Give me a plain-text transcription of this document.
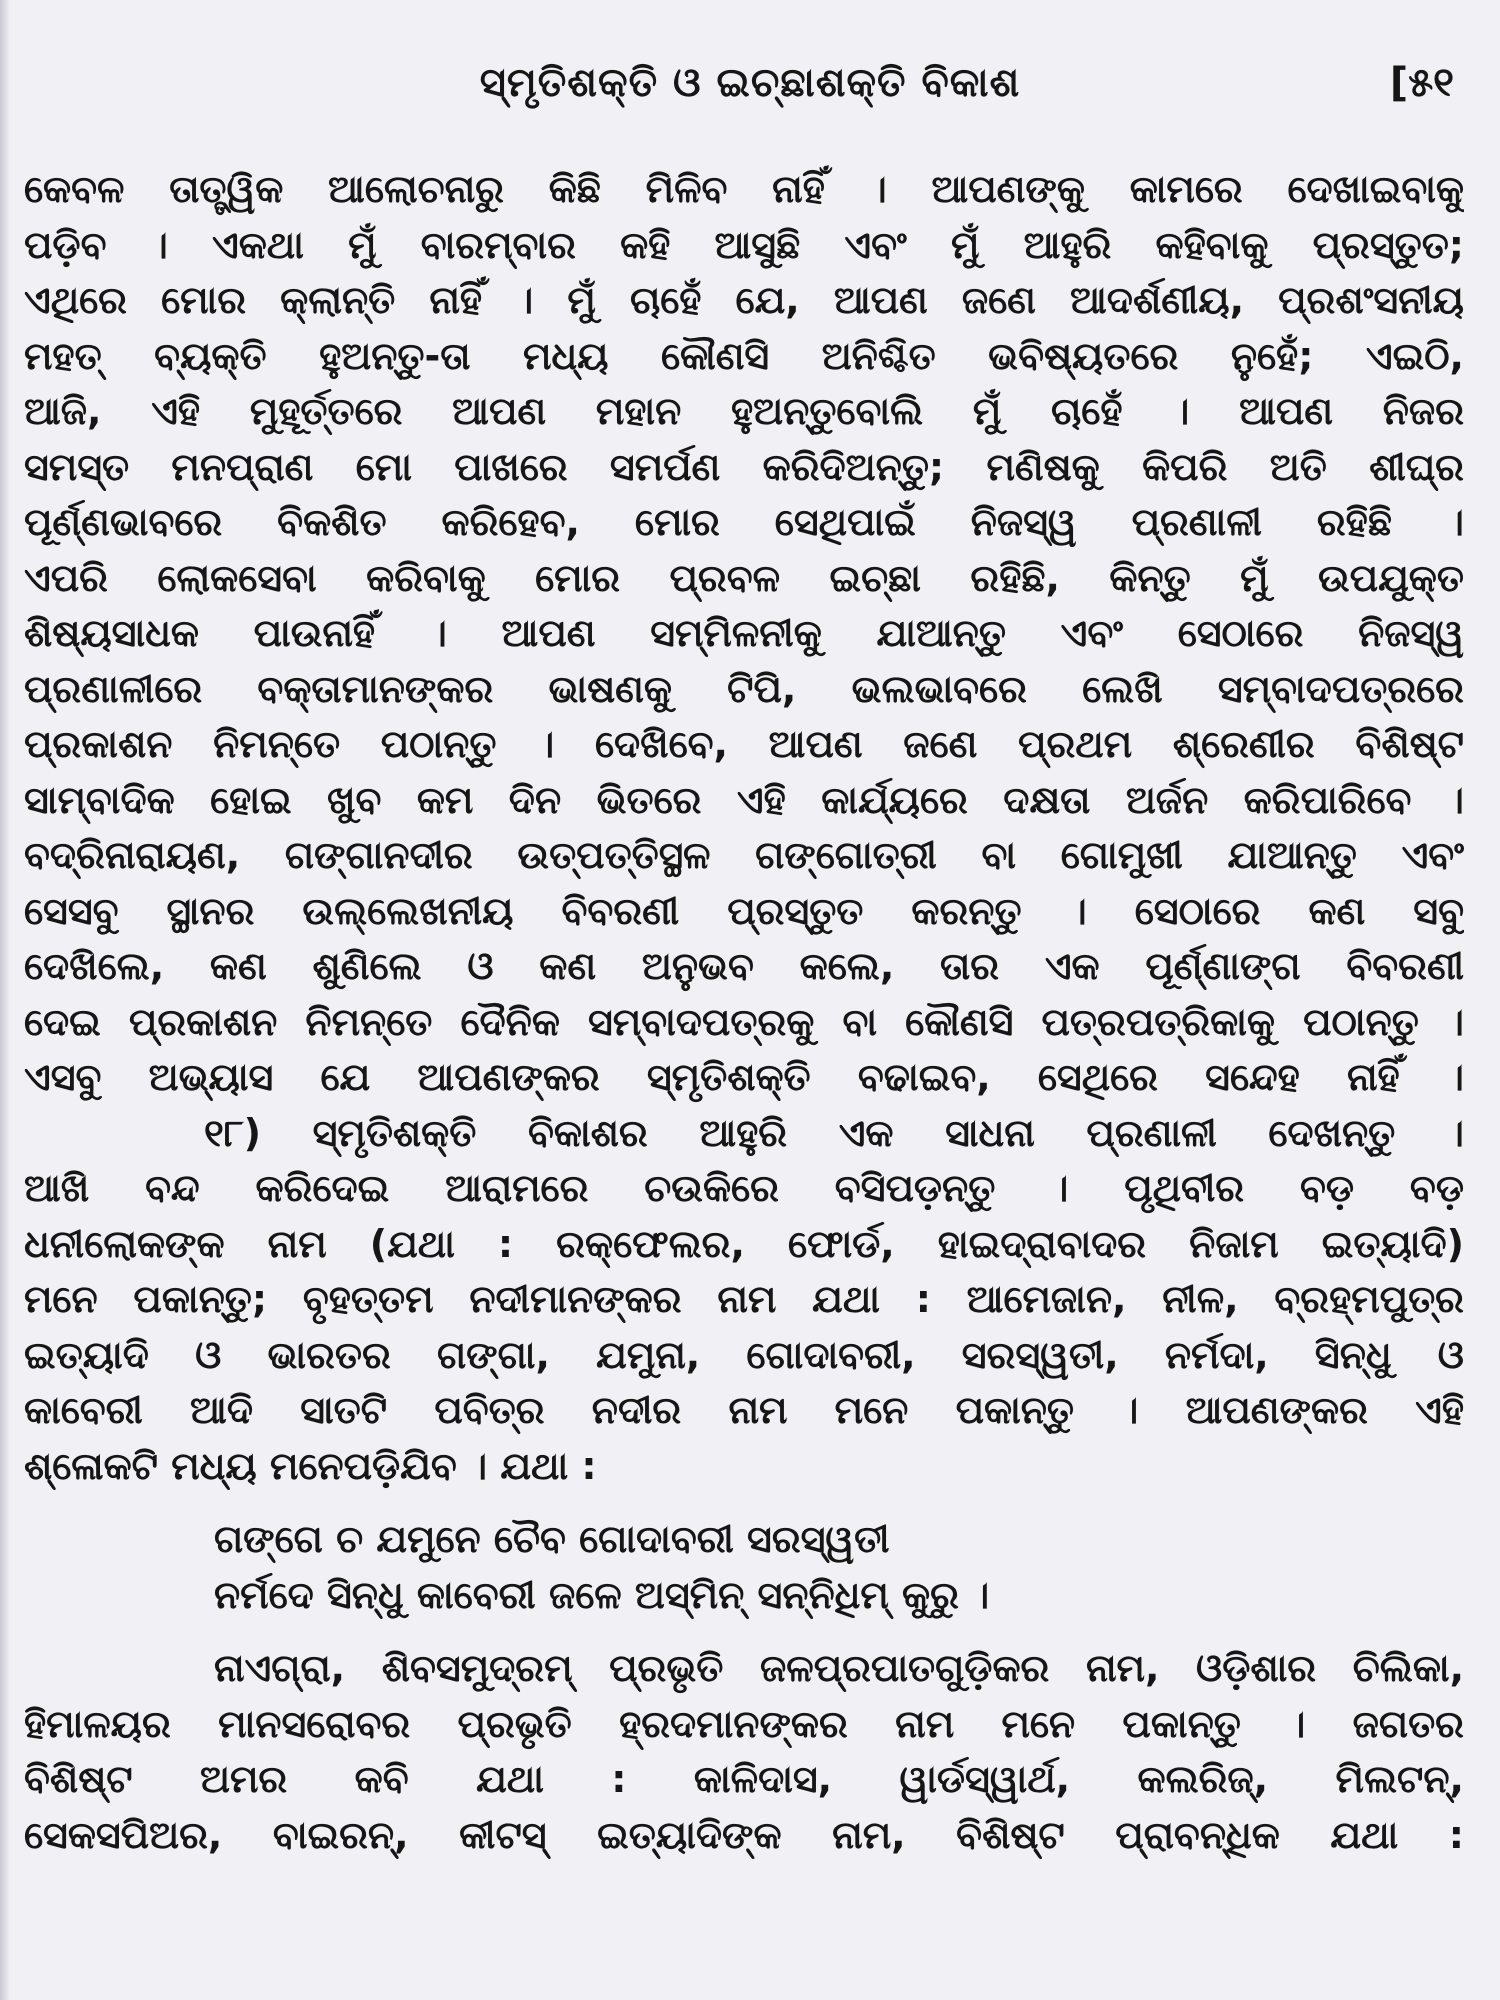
ସ୍ମୃତିଶକ୍ତି ଓ ଇଚ୍ଛାଶକ୍ତି ବିକାଶ	[୫୧
କେବଳ ତାତ୍ତ୍ୱିକ ଆଲୋଚନାରୁ କିଛି ମିଳିବ ନାହିଁ । ଆପଣଙ୍କୁ କାମରେ ଦେଖାଇବାକୁ
ପଡ଼ିବ । ଏକଥା ମୁଁ ବାରମ୍ବାର କହି ଆସୁଛି ଏବଂ ମୁଁ ଆହୁରି କହିବାକୁ ପ୍ରସ୍ତୁତ;
ଏଥିରେ ମୋର କ୍ଲାନ୍ତି ନାହିଁ । ମୁଁ ଚାହେଁ ଯେ, ଆପଣ ଜଣେ ଆଦର୍ଶଣୀୟ, ପ୍ରଶଂସନୀୟ
ମହତ୍ ବ୍ୟକ୍ତି ହୁଅନ୍ତୁ-ତା ମଧ୍ୟ କୌଣସି ଅନିଶ୍ଚିତ ଭବିଷ୍ୟତରେ ନୁହେଁ; ଏଇଠି,
ଆଜି, ଏହି ମୁହୂର୍ତ୍ତରେ ଆପଣ ମହାନ ହୁଅନ୍ତୁବୋଲି ମୁଁ ଚାହେଁ । ଆପଣ ନିଜର
ସମସ୍ତ ମନପ୍ରାଣ ମୋ ପାଖରେ ସମର୍ପଣ କରିଦିଅନ୍ତୁ; ମଣିଷକୁ କିପରି ଅତି ଶୀଘ୍ର
ପୂର୍ଣ୍ଣଭାବରେ ବିକଶିତ କରିହେବ, ମୋର ସେଥିପାଇଁ ନିଜସ୍ୱ ପ୍ରଣାଳୀ ରହିଛି ।
ଏପରି ଲୋକସେବା କରିବାକୁ ମୋର ପ୍ରବଳ ଇଚ୍ଛା ରହିଛି, କିନ୍ତୁ ମୁଁ ଉପଯୁକ୍ତ
ଶିଷ୍ୟସାଧକ ପାଉନାହିଁ । ଆପଣ ସମ୍ମିଳନୀକୁ ଯାଆନ୍ତୁ ଏବଂ ସେଠାରେ ନିଜସ୍ୱ
ପ୍ରଣାଳୀରେ ବକ୍ତାମାନଙ୍କର ଭାଷଣକୁ ଟିପି, ଭଲଭାବରେ ଲେଖି ସମ୍ବାଦପତ୍ରରେ
ପ୍ରକାଶନ ନିମନ୍ତେ ପଠାନ୍ତୁ । ଦେଖିବେ, ଆପଣ ଜଣେ ପ୍ରଥମ ଶ୍ରେଣୀର ବିଶିଷ୍ଟ
ସାମ୍ବାଦିକ ହୋଇ ଖୁବ କମ ଦିନ ଭିତରେ ଏହି କାର୍ଯ୍ୟରେ ଦକ୍ଷତା ଅର୍ଜନ କରିପାରିବେ ।
ବଦ୍ରିନାରାୟଣ, ଗଙ୍ଗାନଦୀର ଉତ୍ପତ୍ତିସ୍ଥଳ ଗଙ୍ଗୋତ୍ରୀ ବା ଗୋମୁଖୀ ଯାଆନ୍ତୁ ଏବଂ
ସେସବୁ ସ୍ଥାନର ଉଲ୍ଲେଖନୀୟ ବିବରଣୀ ପ୍ରସ୍ତୁତ କରନ୍ତୁ । ସେଠାରେ କଣ ସବୁ
ଦେଖିଲେ, କଣ ଶୁଣିଲେ ଓ କଣ ଅନୁଭବ କଲେ, ତାର ଏକ ପୂର୍ଣ୍ଣାଙ୍ଗ ବିବରଣୀ
ଦେଇ ପ୍ରକାଶନ ନିମନ୍ତେ ଦୈନିକ ସମ୍ବାଦପତ୍ରକୁ ବା କୌଣସି ପତ୍ରପତ୍ରିକାକୁ ପଠାନ୍ତୁ ।
ଏସବୁ ଅଭ୍ୟାସ ଯେ ଆପଣଙ୍କର ସ୍ମୃତିଶକ୍ତି ବଢାଇବ, ସେଥିରେ ସନ୍ଦେହ ନାହିଁ ।
୧୮) ସ୍ମୃତିଶକ୍ତି ବିକାଶର ଆହୁରି ଏକ ସାଧନା ପ୍ରଣାଳୀ ଦେଖନ୍ତୁ ।
ଆଖି ବନ୍ଦ କରିଦେଇ ଆରାମରେ ଚଉକିରେ ବସିପଡ଼ନ୍ତୁ । ପୃଥିବୀର ବଡ଼ ବଡ଼
ଧନୀଲୋକଙ୍କ ନାମ (ଯଥା : ରକ୍‌ଫେଲର, ଫୋର୍ଡ, ହାଇଦ୍ରାବାଦର ନିଜାମ ଇତ୍ୟାଦି)
ମନେ ପକାନ୍ତୁ; ବୃହତ୍ତମ ନଦୀମାନଙ୍କର ନାମ ଯଥା : ଆମେଜାନ, ନୀଳ, ବ୍ରହ୍ମପୁତ୍ର
ଇତ୍ୟାଦି ଓ ଭାରତର ଗଙ୍ଗା, ଯମୁନା, ଗୋଦାବରୀ, ସରସ୍ୱତୀ, ନର୍ମଦା, ସିନ୍ଧୁ ଓ
କାବେରୀ ଆଦି ସାତଟି ପବିତ୍ର ନଦୀର ନାମ ମନେ ପକାନ୍ତୁ । ଆପଣଙ୍କର ଏହି
ଶ୍ଳୋକଟି ମଧ୍ୟ ମନେପଡ଼ିଯିବ । ଯଥା :
ଗଙ୍ଗେ ଚ ଯମୁନେ ଚୈବ ଗୋଦାବରୀ ସରସ୍ୱତୀ
ନର୍ମଦେ ସିନ୍ଧୁ କାବେରୀ ଜଳେ ଅସ୍ମିନ୍ ସନ୍ନିଧିମ୍ କୁରୁ ।
ନାଏଗ୍ରା, ଶିବସମୁଦ୍ରମ୍ ପ୍ରଭୃତି ଜଳପ୍ରପାତଗୁଡ଼ିକର ନାମ, ଓଡ଼ିଶାର ଚିଲିକା,
ହିମାଳୟର ମାନସରୋବର ପ୍ରଭୃତି ହ୍ରଦମାନଙ୍କର ନାମ ମନେ ପକାନ୍ତୁ । ଜଗତର
ବିଶିଷ୍ଟ ଅମର କବି ଯଥା : କାଳିଦାସ, ୱାର୍ଡସ୍‌ୱାର୍ଥ, କଲରିଜ୍, ମିଲଟନ୍,
ସେକସପିଅର, ବାଇରନ୍, କୀଟସ୍ ଇତ୍ୟାଦିଙ୍କ ନାମ, ବିଶିଷ୍ଟ ପ୍ରାବନ୍ଧିକ ଯଥା :
